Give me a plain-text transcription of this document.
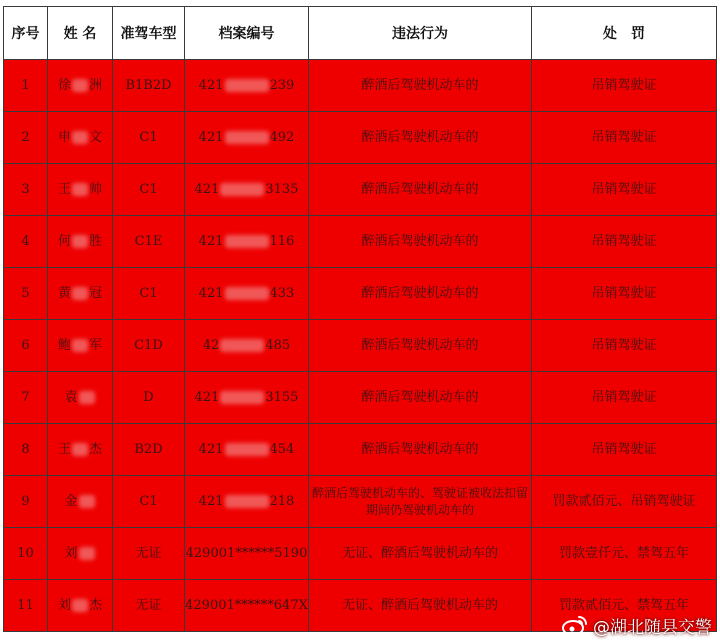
序号	姓 名	准驾车型	档案编号	违法行为	处　罚
1	徐 洲	B1B2D	421 239	醉酒后驾驶机动车的	吊销驾驶证
2	申 文	C1	421 492	醉酒后驾驶机动车的	吊销驾驶证
3	王 帅	C1	421 3135	醉酒后驾驶机动车的	吊销驾驶证
4	何 胜	C1E	421 116	醉酒后驾驶机动车的	吊销驾驶证
5	黄 冠	C1	421 433	醉酒后驾驶机动车的	吊销驾驶证
6	鲍 军	C1D	42 485	醉酒后驾驶机动车的	吊销驾驶证
7	袁	D	421 3155	醉酒后驾驶机动车的	吊销驾驶证
8	王 杰	B2D	421 454	醉酒后驾驶机动车的	吊销驾驶证
9	金	C1	421 218	醉酒后驾驶机动车的、驾驶证被收法扣留期间仍驾驶机动车的	罚款贰佰元、吊销驾驶证
10	刘	无证	429001******5190	无证、醉酒后驾驶机动车的	罚款壹仟元、禁驾五年
11	刘 杰	无证	429001******647X	无证、醉酒后驾驶机动车的	罚款贰佰元、禁驾五年
@湖北随县交警
